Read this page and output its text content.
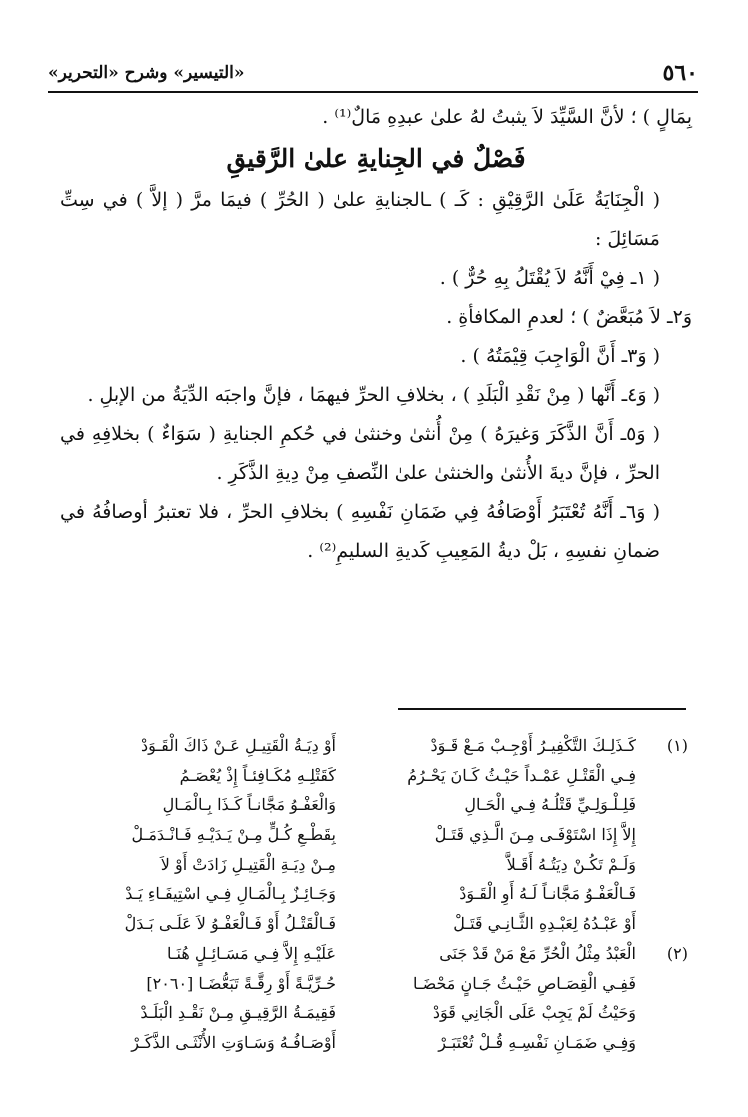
٥٦٠
«التيسير» وشرح «التحرير»

بِمَالٍ ) ؛ لأنَّ السَّيِّدَ لاَ يثبتُ لهُ علىٰ عبدِهِ مَالٌ⁽¹⁾ .

فَصْلٌ في الجِنايةِ علىٰ الرَّقيقِ

( الْجِنَايَةُ عَلَىٰ الرَّقِيْقِ : كَـ ) ـالجنايةِ علىٰ ( الحُرِّ ) فيمَا مرَّ ( إلاَّ ) في سِتِّ مَسَائِلَ :

( ١ـ فِيْ أَنَّهُ لاَ يُقْتَلُ بِهِ حُرٌّ ) .

وَ٢ـ لاَ مُبَعَّضٌ ) ؛ لعدمِ المكافأةِ .

( وَ٣ـ أَنَّ الْوَاجِبَ قِيْمَتُهُ ) .

( وَ٤ـ أَنَّها ( مِنْ نَقْدِ الْبَلَدِ ) ، بخلافِ الحرِّ فيهمَا ، فإنَّ واجبَه الدِّيَةُ من الإبلِ .

( وَ٥ـ أَنَّ الذَّكَرَ وَغيرَهُ ) مِنْ أُنثىٰ وخنثىٰ في حُكمِ الجنايةِ ( سَوَاءٌ ) بخلافِهِ في الحرِّ ، فإنَّ ديةَ الأُنثىٰ والخنثىٰ علىٰ النِّصفِ مِنْ دِيةِ الذَّكَرِ .

( وَ٦ـ أَنَّهُ تُعْتَبَرُ أَوْصَافُهُ فِي ضَمَانِ نَفْسِهِ ) بخلافِ الحرِّ ، فلا تعتبرُ أوصافُهُ في ضمانِ نفسِهِ ، بَلْ ديةُ المَعِيبِ كَديةِ السليمِ⁽²⁾ .

(١)
(٢)
كَـذَلِـكَ التَّكْفِيـرُ أَوْجِـبْ مَـعْ قَـوَدْ
فِـي الْقَتْـلِ عَمْـداً حَيْـثُ كَـانَ يَحْـرُمُ
فَلِـلْـوَلِـيِّ قَتْلُـهُ فِـي الْحَـالِ
إِلاَّ إِذَا اسْتَوْفَـى مِـنَ الَّـذِي قَتَـلْ
وَلَـمْ تَكُـنْ دِيَتُـهُ أَقَـلاَّ
فَـالْعَفْـوُ مَجَّانـاً لَـهُ أَوِ الْقَـوَدْ
أَوْ عَبْـدُهُ لِعَبْـدِهِ الثَّـانِـي قَتَـلْ
الْعَبْدُ مِثْلُ الْحُرِّ مَعْ مَنْ قَدْ جَنَى
فَفِـي الْقِصَـاصِ حَيْـثُ جَـانٍ مَحْضَـا
وَحَيْثُ لَمْ يَجِبْ عَلَى الْجَانِي قَوَدْ
وَفِـي ضَمَـانِ نَفْسِـهِ قُـلْ تُعْتَبَـرْ
أَوْ دِيَـةُ الْقَتِيـلِ عَـنْ ذَاكَ الْقَـوَدْ
كَقَتْلِـهِ مُكَـافِئـاً إِذْ يُعْصَـمُ
وَالْعَفْـوُ مَجَّانـاً كَـذَا بِـالْمَـالِ
بِقَطْـعِ كُـلٍّ مِـنْ يَـدَيْـهِ فَـانْـدَمَـلْ
مِـنْ دِيَـةِ الْقَتِيـلِ زَادَتْ أَوْ لاَ
وَجَـائِـزٌ بِـالْمَـالِ فِـي اسْتِيفَـاءِ يَـدْ
فَـالْقَتْـلُ أَوْ فَـالْعَفْـوُ لاَ عَلَـى بَـدَلْ
عَلَيْـهِ إِلاَّ فِـي مَسَـائِـلٍ هُنَـا
حُـرِّيَّـةً أَوْ رِقَّـةً تَبَعُّضَـا [٢٠٦٠]
فَقِيمَـةُ الرَّقِيـقِ مِـنْ نَقْـدِ الْبَلَـدْ
أَوْصَـافُـهُ وَسَـاوَتِ الأُنْثَـى الذَّكَـرْ
